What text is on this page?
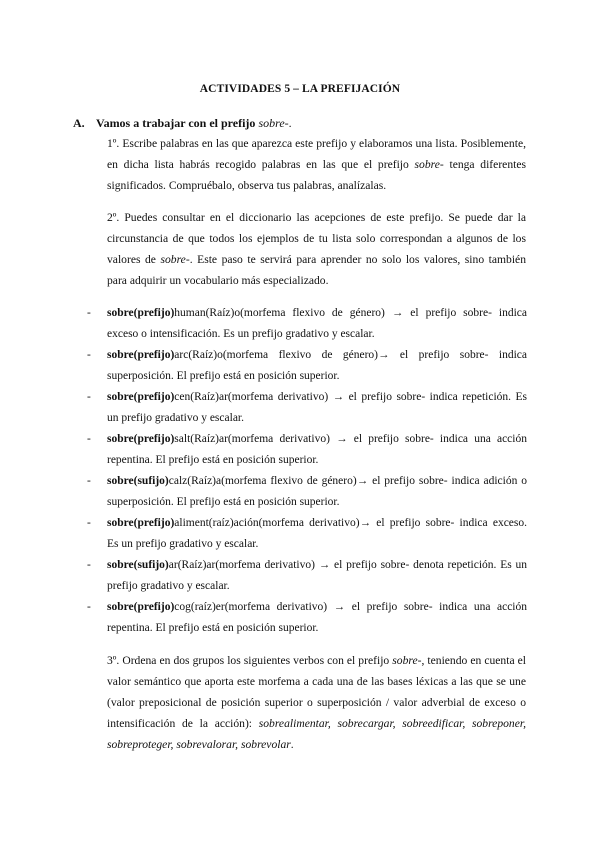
ACTIVIDADES 5 – LA PREFIJACIÓN
A. Vamos a trabajar con el prefijo sobre-.
1º. Escribe palabras en las que aparezca este prefijo y elaboramos una lista. Posiblemente, en dicha lista habrás recogido palabras en las que el prefijo sobre- tenga diferentes significados. Compruébalo, observa tus palabras, analízalas.
2º. Puedes consultar en el diccionario las acepciones de este prefijo. Se puede dar la circunstancia de que todos los ejemplos de tu lista solo correspondan a algunos de los valores de sobre-. Este paso te servirá para aprender no solo los valores, sino también para adquirir un vocabulario más especializado.
- sobre(prefijo)human(Raíz)o(morfema flexivo de género) → el prefijo sobre- indica exceso o intensificación. Es un prefijo gradativo y escalar.
- sobre(prefijo)arc(Raíz)o(morfema flexivo de género)→ el prefijo sobre- indica superposición. El prefijo está en posición superior.
- sobre(prefijo)cen(Raíz)ar(morfema derivativo) → el prefijo sobre- indica repetición. Es un prefijo gradativo y escalar.
- sobre(prefijo)salt(Raíz)ar(morfema derivativo) → el prefijo sobre- indica una acción repentina. El prefijo está en posición superior.
- sobre(sufijo)calz(Raíz)a(morfema flexivo de género)→ el prefijo sobre- indica adición o superposición. El prefijo está en posición superior.
- sobre(prefijo)aliment(raíz)ación(morfema derivativo)→ el prefijo sobre- indica exceso. Es un prefijo gradativo y escalar.
- sobre(sufijo)ar(Raíz)ar(morfema derivativo) → el prefijo sobre- denota repetición. Es un prefijo gradativo y escalar.
- sobre(prefijo)cog(raíz)er(morfema derivativo) → el prefijo sobre- indica una acción repentina. El prefijo está en posición superior.
3º. Ordena en dos grupos los siguientes verbos con el prefijo sobre-, teniendo en cuenta el valor semántico que aporta este morfema a cada una de las bases léxicas a las que se une (valor preposicional de posición superior o superposición / valor adverbial de exceso o intensificación de la acción): sobrealimentar, sobrecargar, sobreedificar, sobreponer, sobreproteger, sobrevalorar, sobrevolar.
